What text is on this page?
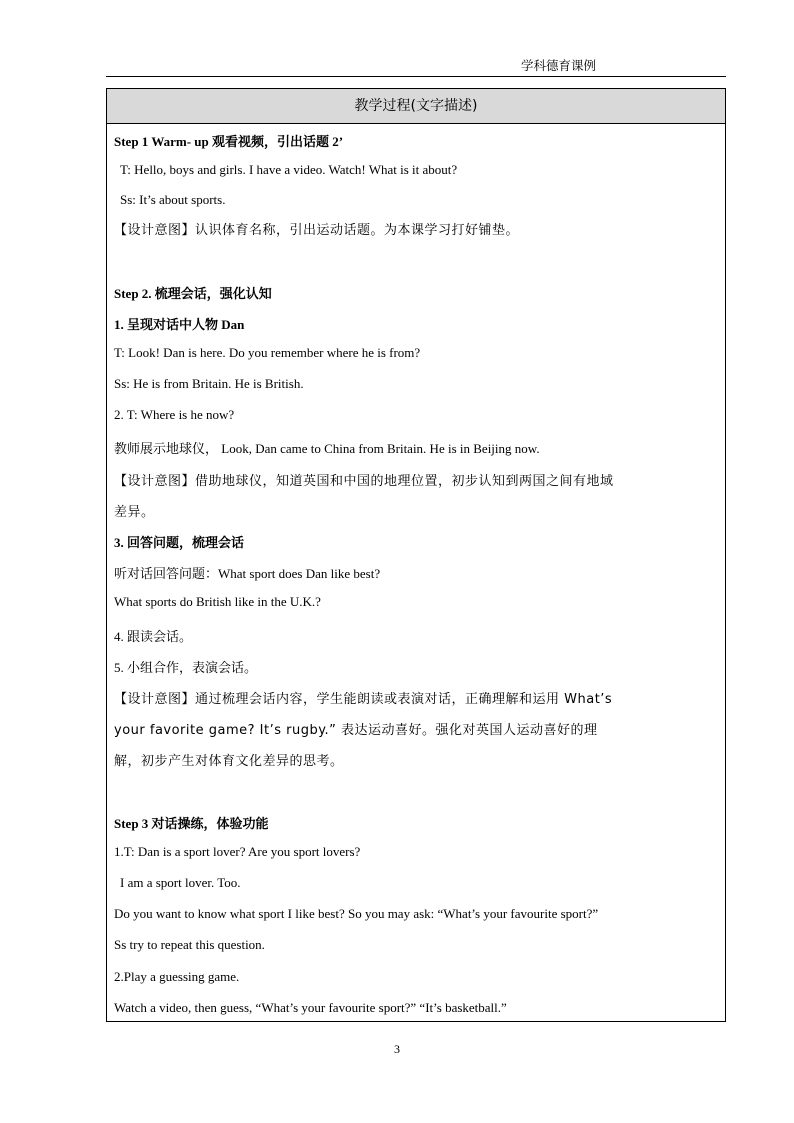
学科德育课例
教学过程(文字描述)
Step 1 Warm- up 观看视频，引出话题 2’
T: Hello, boys and girls. I have a video. Watch! What is it about?
Ss: It’s about sports.
【设计意图】认识体育名称，引出运动话题。为本课学习打好铺垫。
Step 2. 梳理会话，强化认知
1. 呈现对话中人物 Dan
T: Look! Dan is here. Do you remember where he is from?
Ss: He is from Britain. He is British.
2. T: Where is he now?
教师展示地球仪， Look, Dan came to China from Britain. He is in Beijing now.
【设计意图】借助地球仪，知道英国和中国的地理位置，初步认知到两国之间有地域
差异。
3. 回答问题，梳理会话
听对话回答问题：What sport does Dan like best?
What sports do British like in the U.K.?
4. 跟读会话。
5. 小组合作，表演会话。
【设计意图】通过梳理会话内容，学生能朗读或表演对话，正确理解和运用 What’s
your favorite game? It’s rugby.” 表达运动喜好。强化对英国人运动喜好的理
解，初步产生对体育文化差异的思考。
Step 3 对话操练，体验功能
1.T: Dan is a sport lover? Are you sport lovers?
I am a sport lover. Too.
Do you want to know what sport I like best? So you may ask: “What’s your favourite sport?”
Ss try to repeat this question.
2.Play a guessing game.
Watch a video, then guess, “What’s your favourite sport?” “It’s basketball.”
3
